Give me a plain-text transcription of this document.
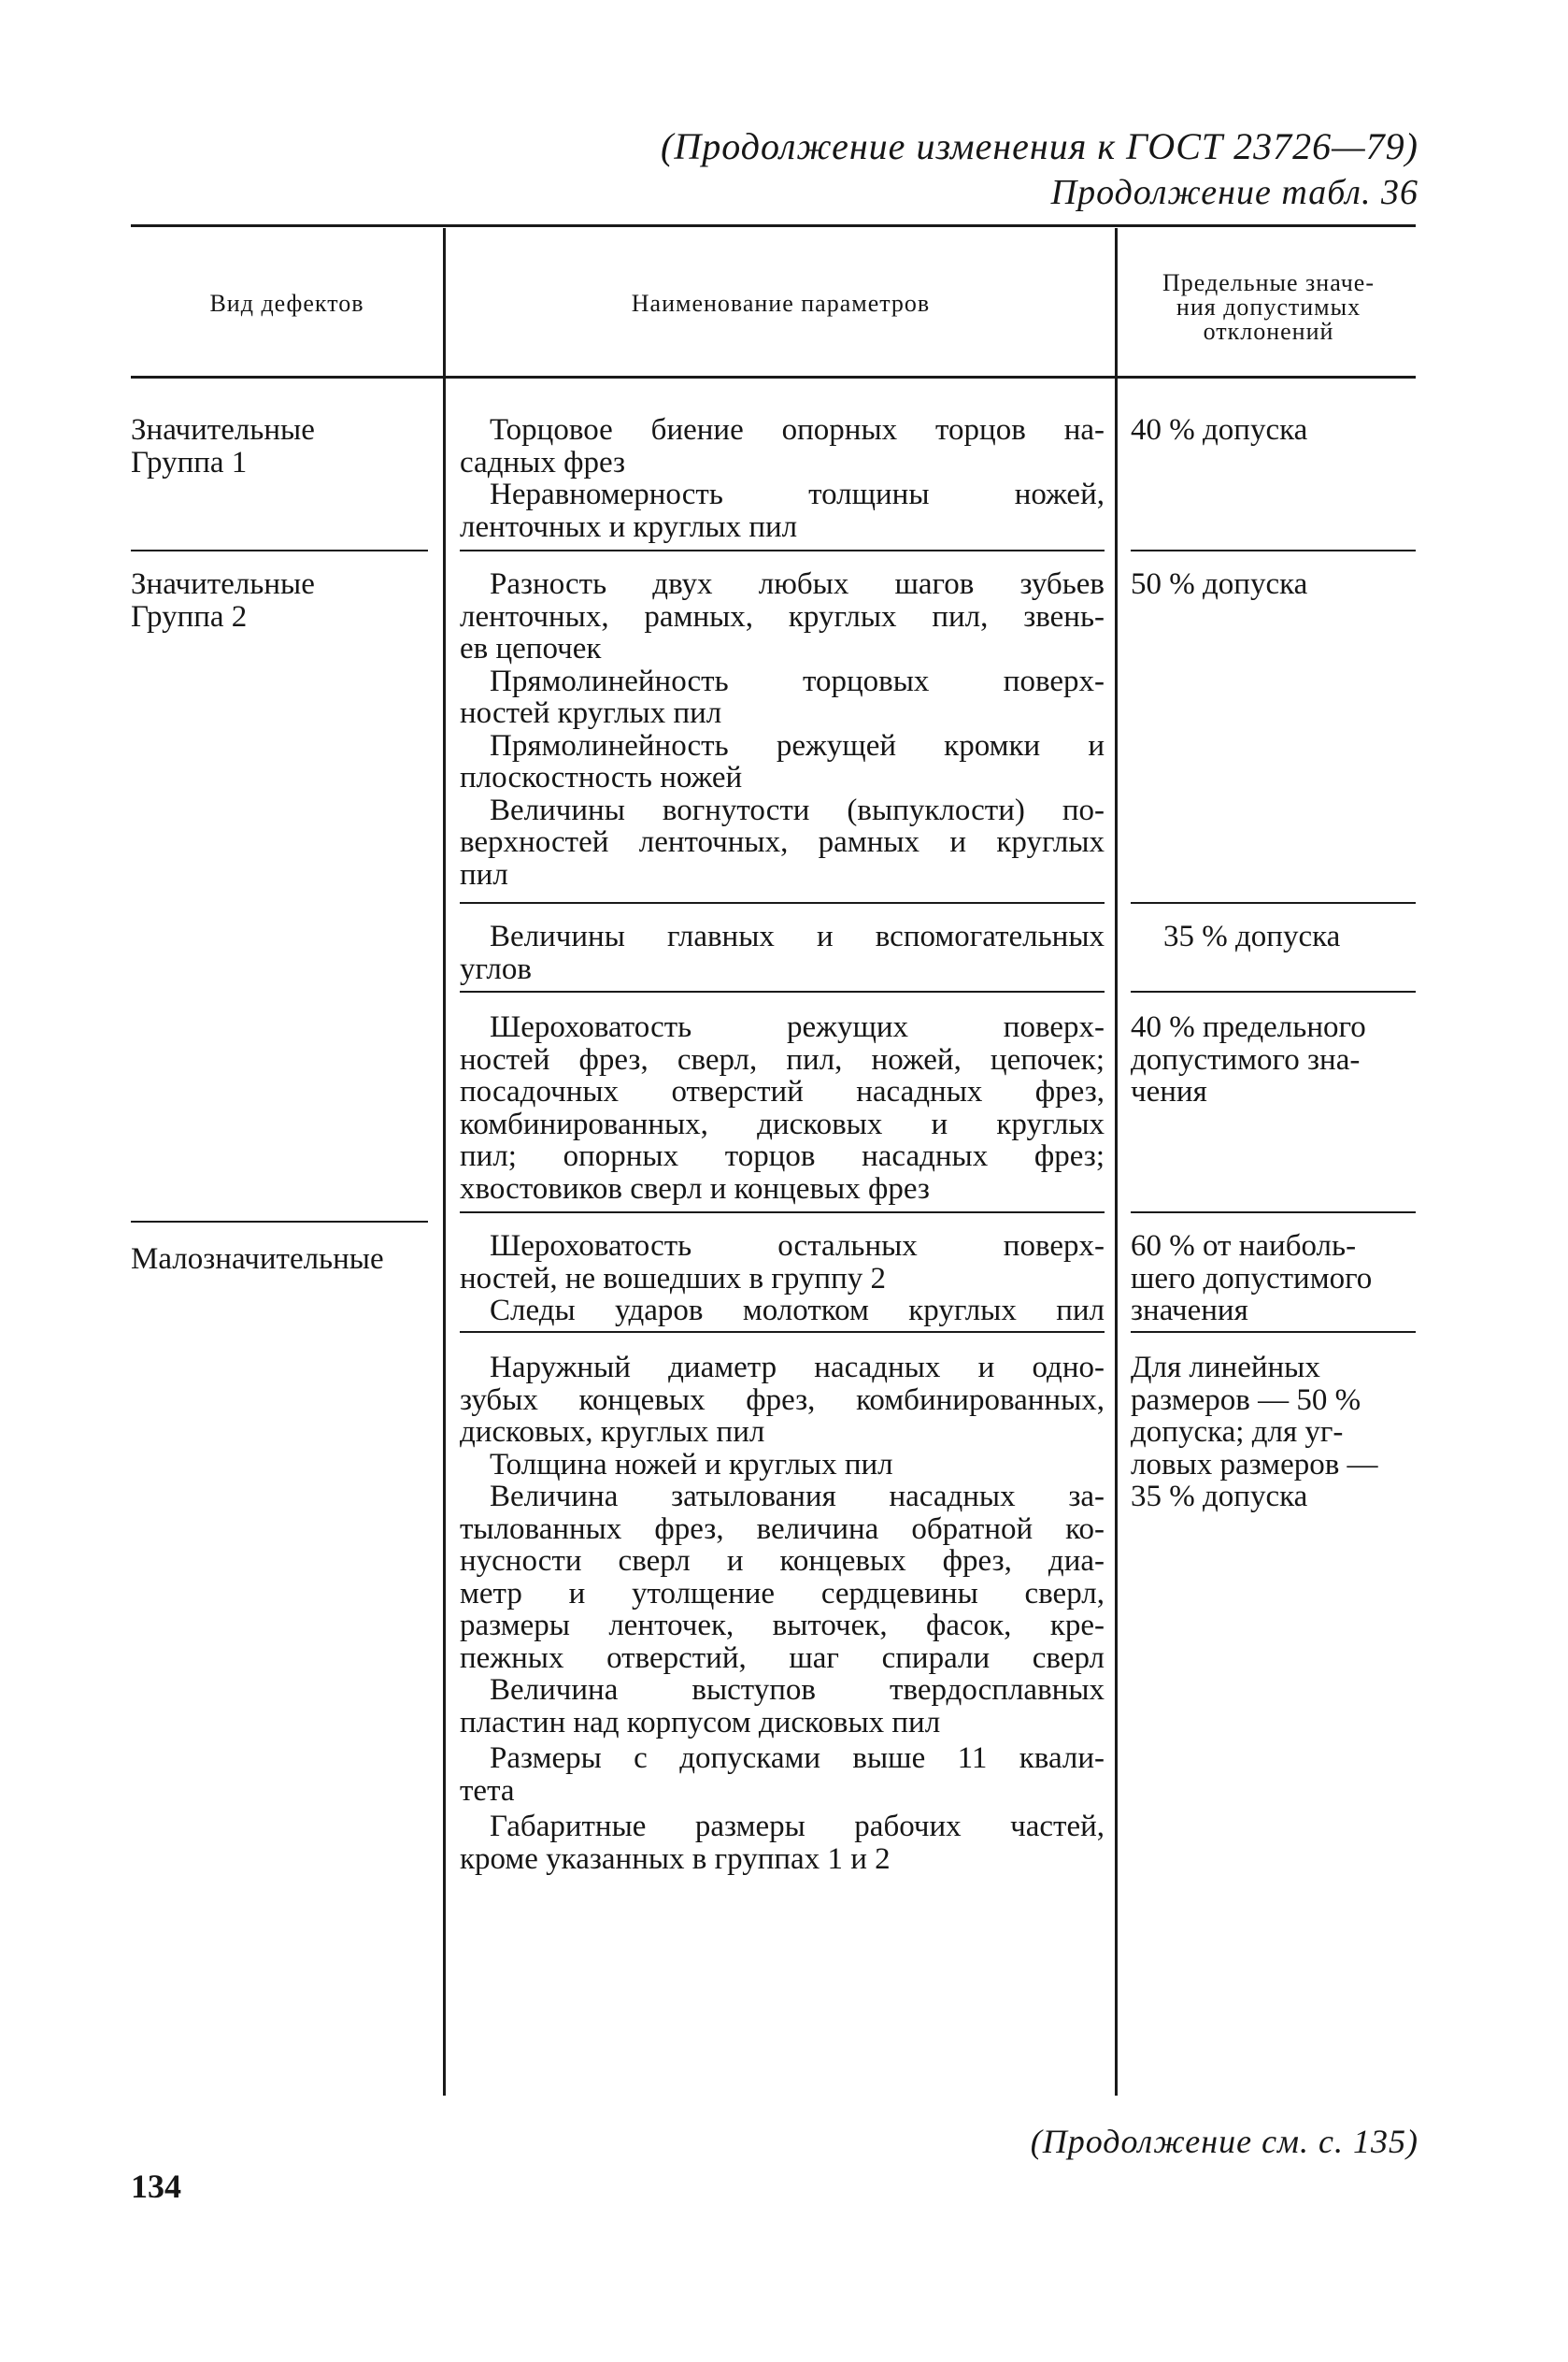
(Продолжение изменения к ГОСТ 23726—79)
Продолжение табл. 36
Вид дефектов	Наименование параметров
Предельные значе-
ния допустимых
отклонений
Значительные
Группа 1
Значительные
Группа 2
Малозначительные
Торцовое биение опорных торцов на-
садных фрез
Неравномерность толщины ножей,
ленточных и круглых пил
Разность двух любых шагов зубьев
ленточных, рамных, круглых пил, звень-
ев цепочек
Прямолинейность торцовых поверх-
ностей круглых пил
Прямолинейность режущей кромки и
плоскостность ножей
Величины вогнутости (выпуклости) по-
верхностей ленточных, рамных и круглых
пил
Величины главных и вспомогательных
углов
Шероховатость режущих поверх-
ностей фрез, сверл, пил, ножей, цепочек;
посадочных отверстий насадных фрез,
комбинированных, дисковых и круглых
пил; опорных торцов насадных фрез;
хвостовиков сверл и концевых фрез
Шероховатость остальных поверх-
ностей, не вошедших в группу 2
Следы ударов молотком круглых пил
Наружный диаметр насадных и одно-
зубых концевых фрез, комбинированных,
дисковых, круглых пил
Толщина ножей и круглых пил
Величина затылования насадных за-
тылованных фрез, величина обратной ко-
нусности сверл и концевых фрез, диа-
метр и утолщение сердцевины сверл,
размеры ленточек, выточек, фасок, кре-
пежных отверстий, шаг спирали сверл
Величина выступов твердосплавных
пластин над корпусом дисковых пил
Размеры с допусками выше 11 квали-
тета
Габаритные размеры рабочих частей,
кроме указанных в группах 1 и 2
40 % допуска
50 % допуска
35 % допуска
40 % предельного
допустимого зна-
чения
60 % от наиболь-
шего допустимого
значения
Для линейных
размеров — 50 %
допуска; для уг-
ловых размеров —
35 % допуска
(Продолжение см. с. 135)
134
